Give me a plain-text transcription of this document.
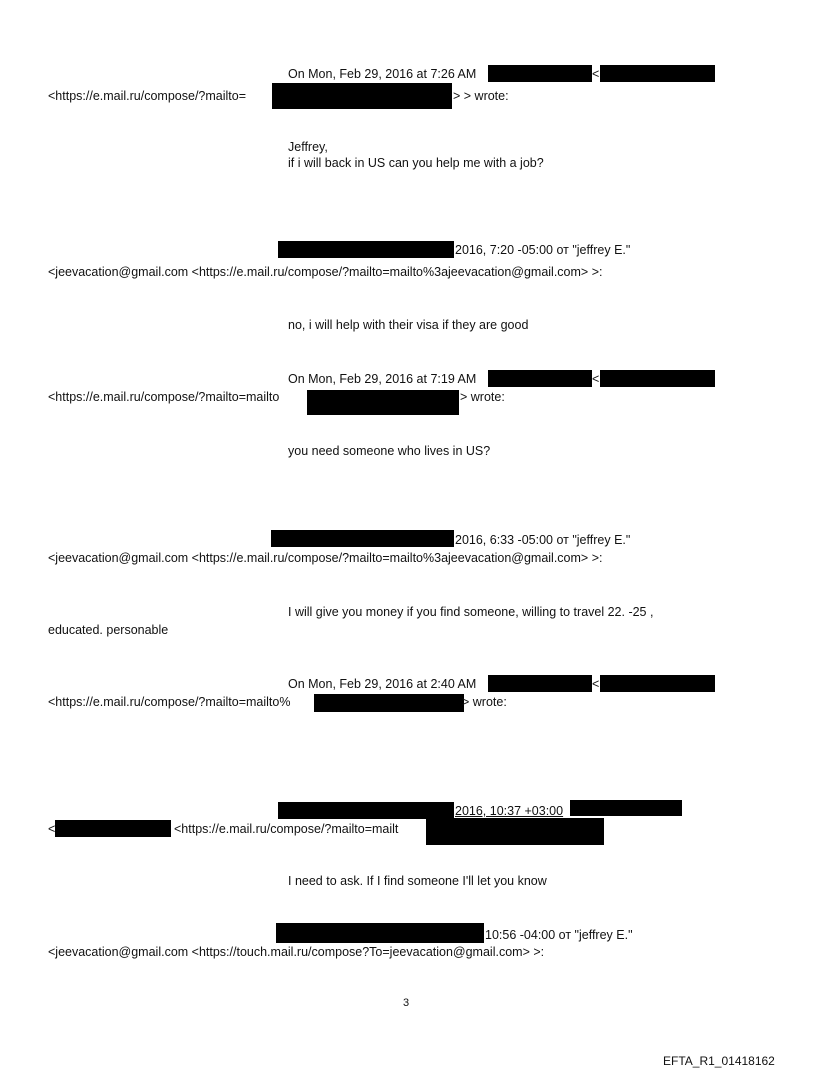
On Mon, Feb 29, 2016 at 7:26 AM	<
<https://e.mail.ru/compose/?mailto=	> > wrote:
Jeffrey,
if i will back in US can you help me with a job?
2016, 7:20 -05:00 от "jeffrey E."
<jeevacation@gmail.com <https://e.mail.ru/compose/?mailto=mailto%3ajeevacation@gmail.com> >:
no, i will help with their visa if they are good
On Mon, Feb 29, 2016 at 7:19 AM	<
<https://e.mail.ru/compose/?mailto=mailto	> wrote:
you need someone who lives in US?
2016, 6:33 -05:00 от "jeffrey E."
<jeevacation@gmail.com <https://e.mail.ru/compose/?mailto=mailto%3ajeevacation@gmail.com> >:
I will give you money if you find someone, willing to travel 22. -25 ,
educated. personable
On Mon, Feb 29, 2016 at 2:40 AM	<
<https://e.mail.ru/compose/?mailto=mailto%	> wrote:
2016, 10:37 +03:00
<	<https://e.mail.ru/compose/?mailto=mailt
I need to ask. If I find someone I'll let you know
10:56 -04:00 от "jeffrey E."
<jeevacation@gmail.com <https://touch.mail.ru/compose?To=jeevacation@gmail.com> >:
3
EFTA_R1_01418162
